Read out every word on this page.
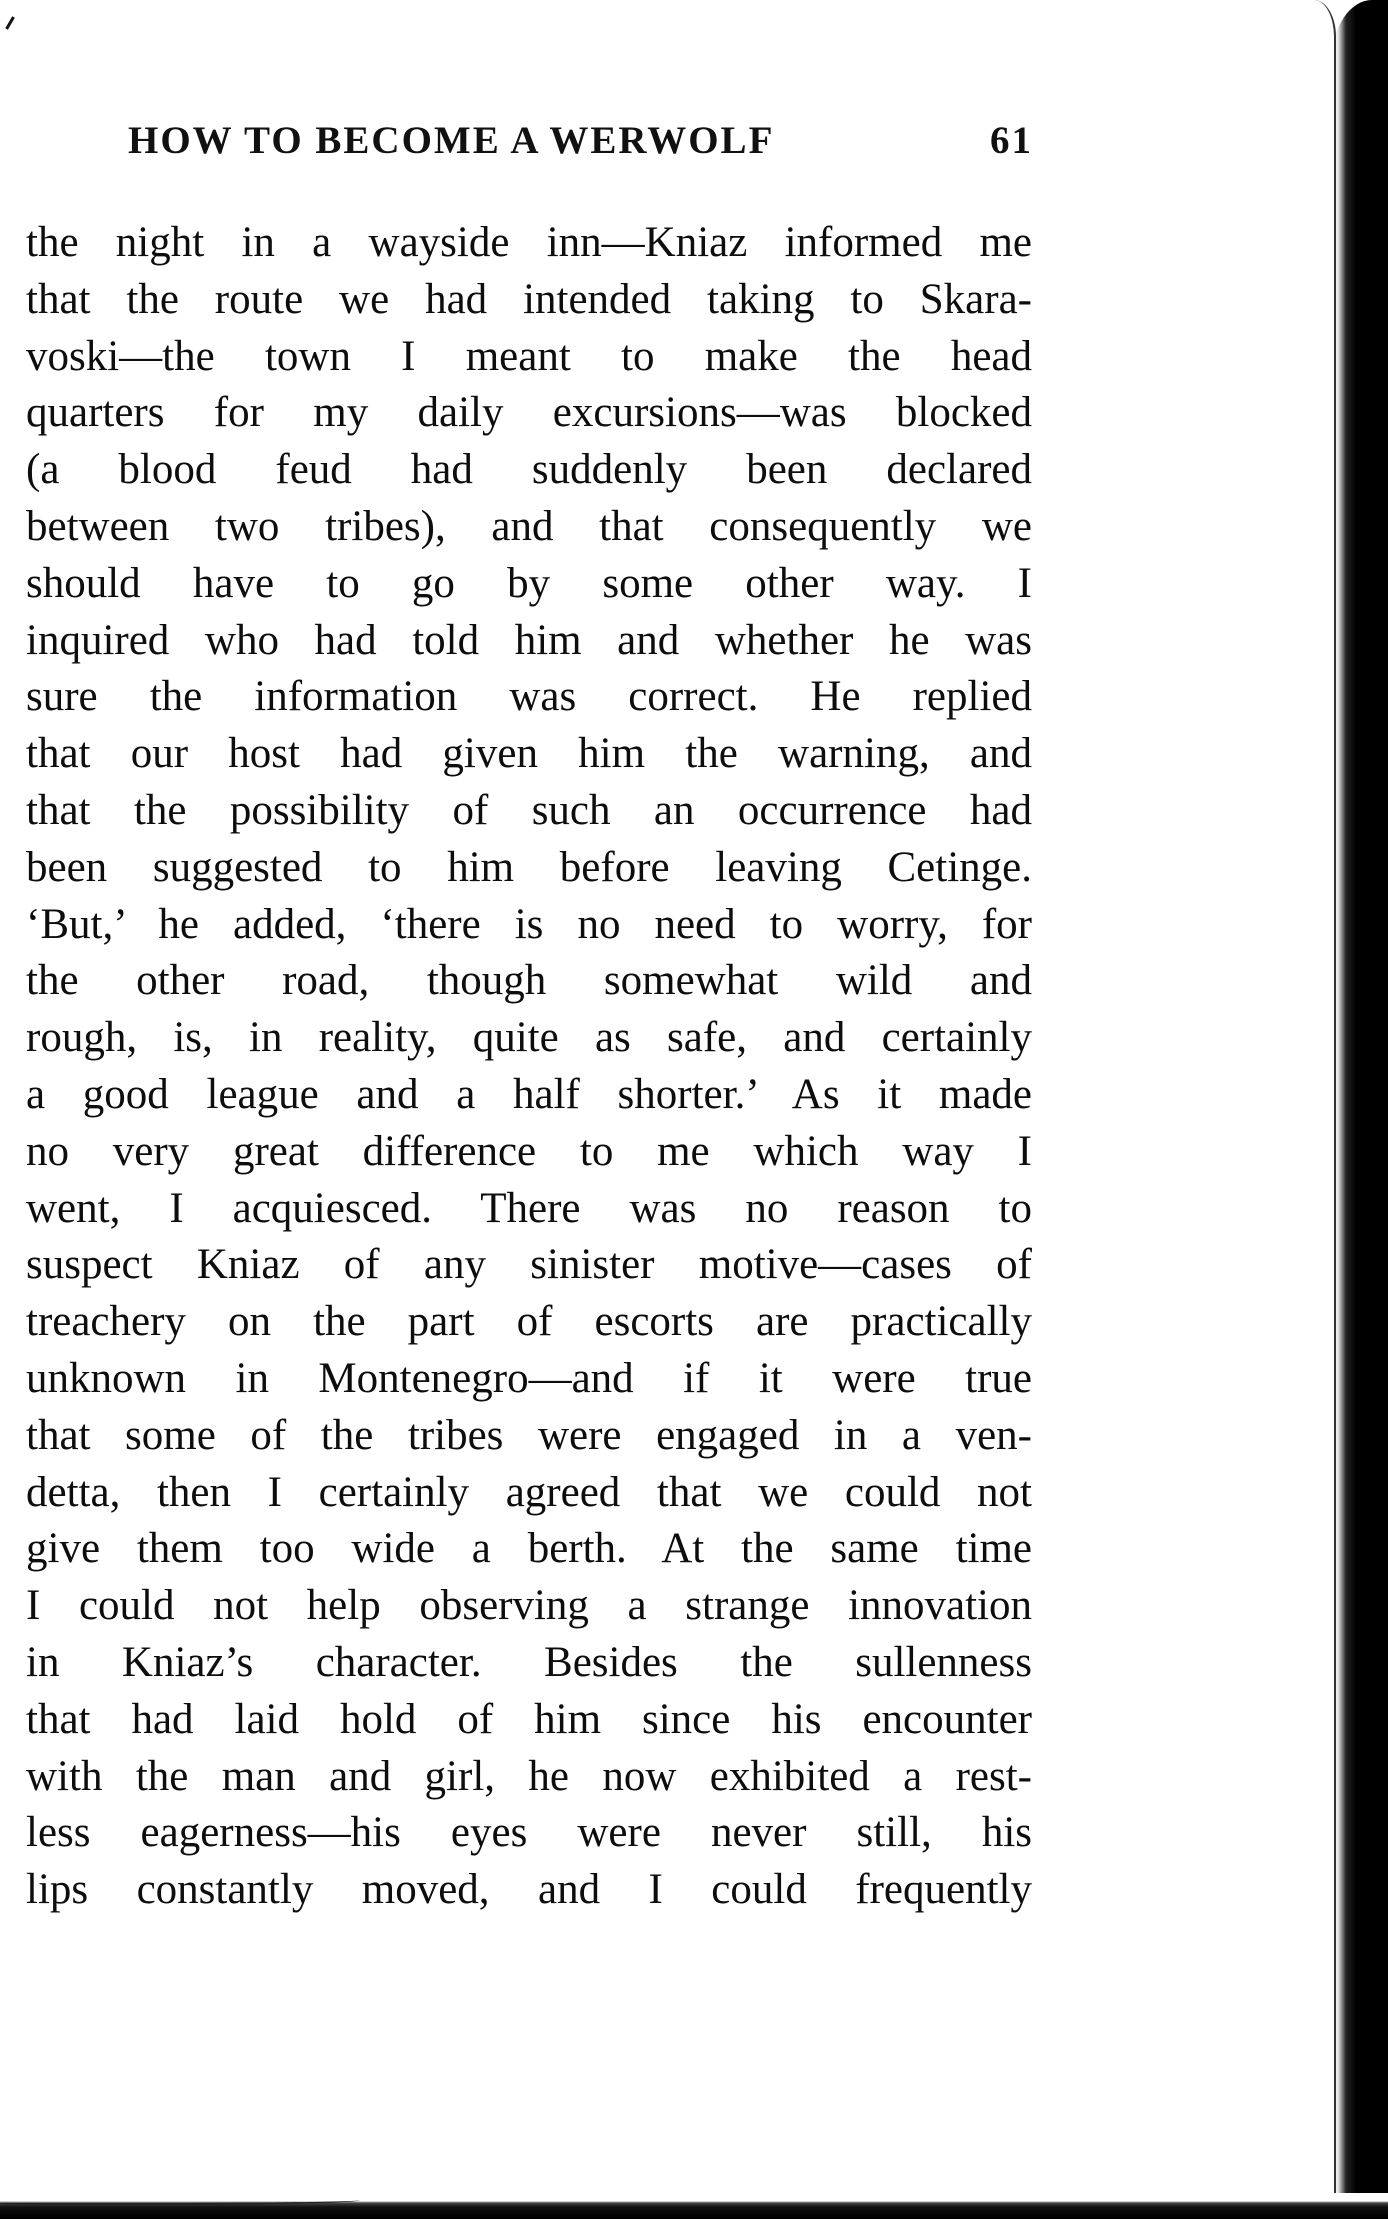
HOW TO BECOME A WERWOLF	61
the night in a wayside inn—Kniaz informed me
that the route we had intended taking to Skara-
voski—the town I meant to make the head
quarters for my daily excursions—was blocked
(a blood feud had suddenly been declared
between two tribes), and that consequently we
should have to go by some other way. I
inquired who had told him and whether he was
sure the information was correct. He replied
that our host had given him the warning, and
that the possibility of such an occurrence had
been suggested to him before leaving Cetinge.
‘But,’ he added, ‘there is no need to worry, for
the other road, though somewhat wild and
rough, is, in reality, quite as safe, and certainly
a good league and a half shorter.’ As it made
no very great difference to me which way I
went, I acquiesced. There was no reason to
suspect Kniaz of any sinister motive—cases of
treachery on the part of escorts are practically
unknown in Montenegro—and if it were true
that some of the tribes were engaged in a ven-
detta, then I certainly agreed that we could not
give them too wide a berth. At the same time
I could not help observing a strange innovation
in Kniaz’s character. Besides the sullenness
that had laid hold of him since his encounter
with the man and girl, he now exhibited a rest-
less eagerness—his eyes were never still, his
lips constantly moved, and I could frequently
